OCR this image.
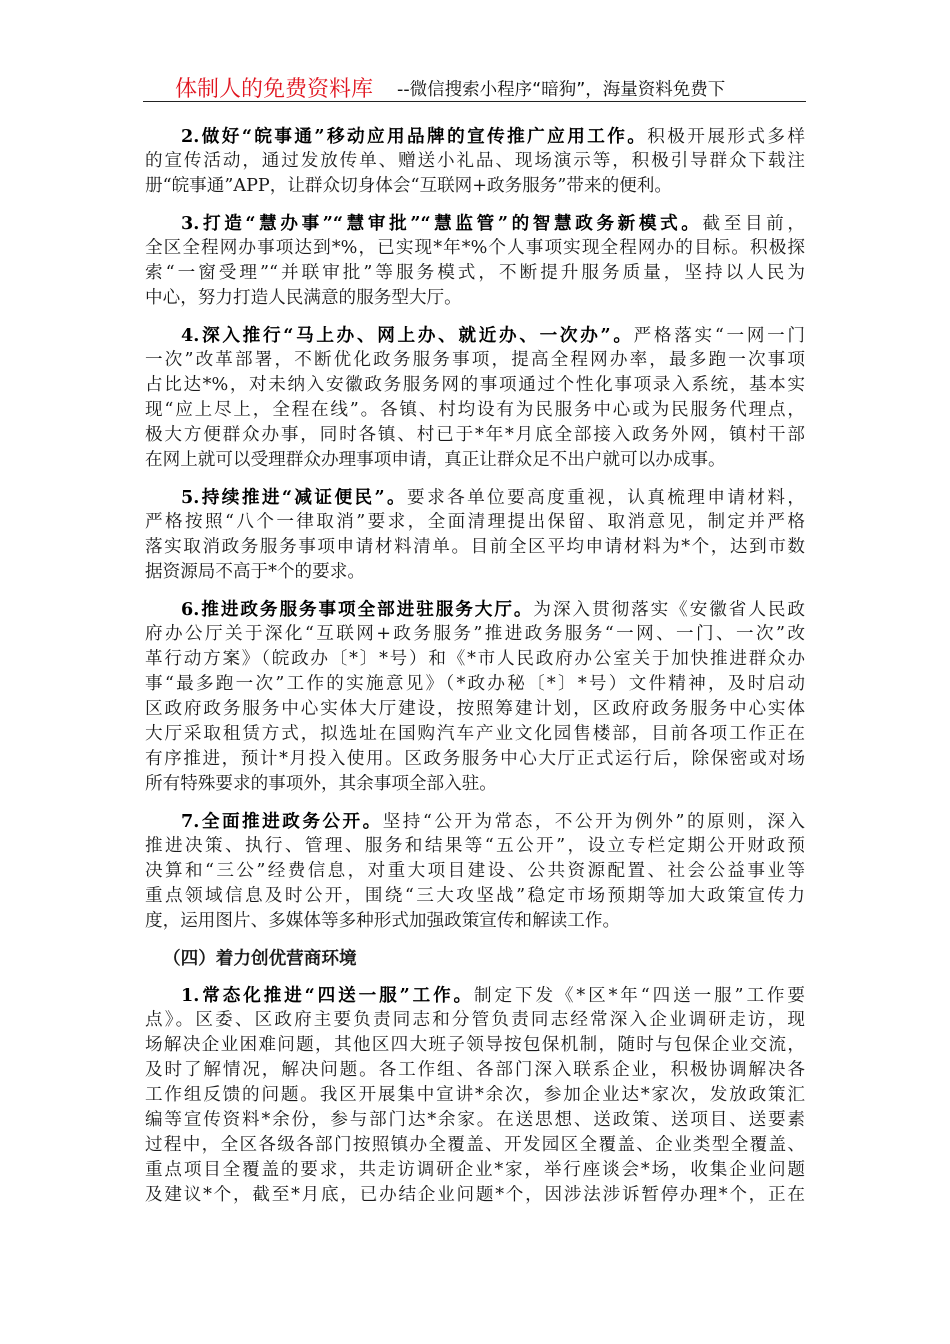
体制人的免费资料库 --微信搜索小程序“暗狗”，海量资料免费下
2.做好“皖事通”移动应用品牌的宣传推广应用工作。积极开展形式多样
的宣传活动，通过发放传单、赠送小礼品、现场演示等，积极引导群众下载注
册“皖事通”APP，让群众切身体会“互联网+政务服务”带来的便利。
3.打造“慧办事”“慧审批”“慧监管”的智慧政务新模式。截至目前，
全区全程网办事项达到*%，已实现*年*%个人事项实现全程网办的目标。积极探
索“一窗受理”“并联审批”等服务模式，不断提升服务质量，坚持以人民为
中心，努力打造人民满意的服务型大厅。
4.深入推行“马上办、网上办、就近办、一次办”。严格落实“一网一门
一次”改革部署，不断优化政务服务事项，提高全程网办率，最多跑一次事项
占比达*%，对未纳入安徽政务服务网的事项通过个性化事项录入系统，基本实
现“应上尽上，全程在线”。各镇、村均设有为民服务中心或为民服务代理点，
极大方便群众办事，同时各镇、村已于*年*月底全部接入政务外网，镇村干部
在网上就可以受理群众办理事项申请，真正让群众足不出户就可以办成事。
5.持续推进“减证便民”。要求各单位要高度重视，认真梳理申请材料，
严格按照“八个一律取消”要求，全面清理提出保留、取消意见，制定并严格
落实取消政务服务事项申请材料清单。目前全区平均申请材料为*个，达到市数
据资源局不高于*个的要求。
6.推进政务服务事项全部进驻服务大厅。为深入贯彻落实《安徽省人民政
府办公厅关于深化“互联网+政务服务”推进政务服务“一网、一门、一次”改
革行动方案》（皖政办〔*〕*号）和《*市人民政府办公室关于加快推进群众办
事“最多跑一次”工作的实施意见》（*政办秘〔*〕*号）文件精神，及时启动
区政府政务服务中心实体大厅建设，按照筹建计划，区政府政务服务中心实体
大厅采取租赁方式，拟选址在国购汽车产业文化园售楼部，目前各项工作正在
有序推进，预计*月投入使用。区政务服务中心大厅正式运行后，除保密或对场
所有特殊要求的事项外，其余事项全部入驻。
7.全面推进政务公开。坚持“公开为常态，不公开为例外”的原则，深入
推进决策、执行、管理、服务和结果等“五公开”，设立专栏定期公开财政预
决算和“三公”经费信息，对重大项目建设、公共资源配置、社会公益事业等
重点领域信息及时公开，围绕“三大攻坚战”稳定市场预期等加大政策宣传力
度，运用图片、多媒体等多种形式加强政策宣传和解读工作。
（四）着力创优营商环境
1.常态化推进“四送一服”工作。制定下发《*区*年“四送一服”工作要
点》。区委、区政府主要负责同志和分管负责同志经常深入企业调研走访，现
场解决企业困难问题，其他区四大班子领导按包保机制，随时与包保企业交流，
及时了解情况，解决问题。各工作组、各部门深入联系企业，积极协调解决各
工作组反馈的问题。我区开展集中宣讲*余次，参加企业达*家次，发放政策汇
编等宣传资料*余份，参与部门达*余家。在送思想、送政策、送项目、送要素
过程中，全区各级各部门按照镇办全覆盖、开发园区全覆盖、企业类型全覆盖、
重点项目全覆盖的要求，共走访调研企业*家，举行座谈会*场，收集企业问题
及建议*个，截至*月底，已办结企业问题*个，因涉法涉诉暂停办理*个，正在
